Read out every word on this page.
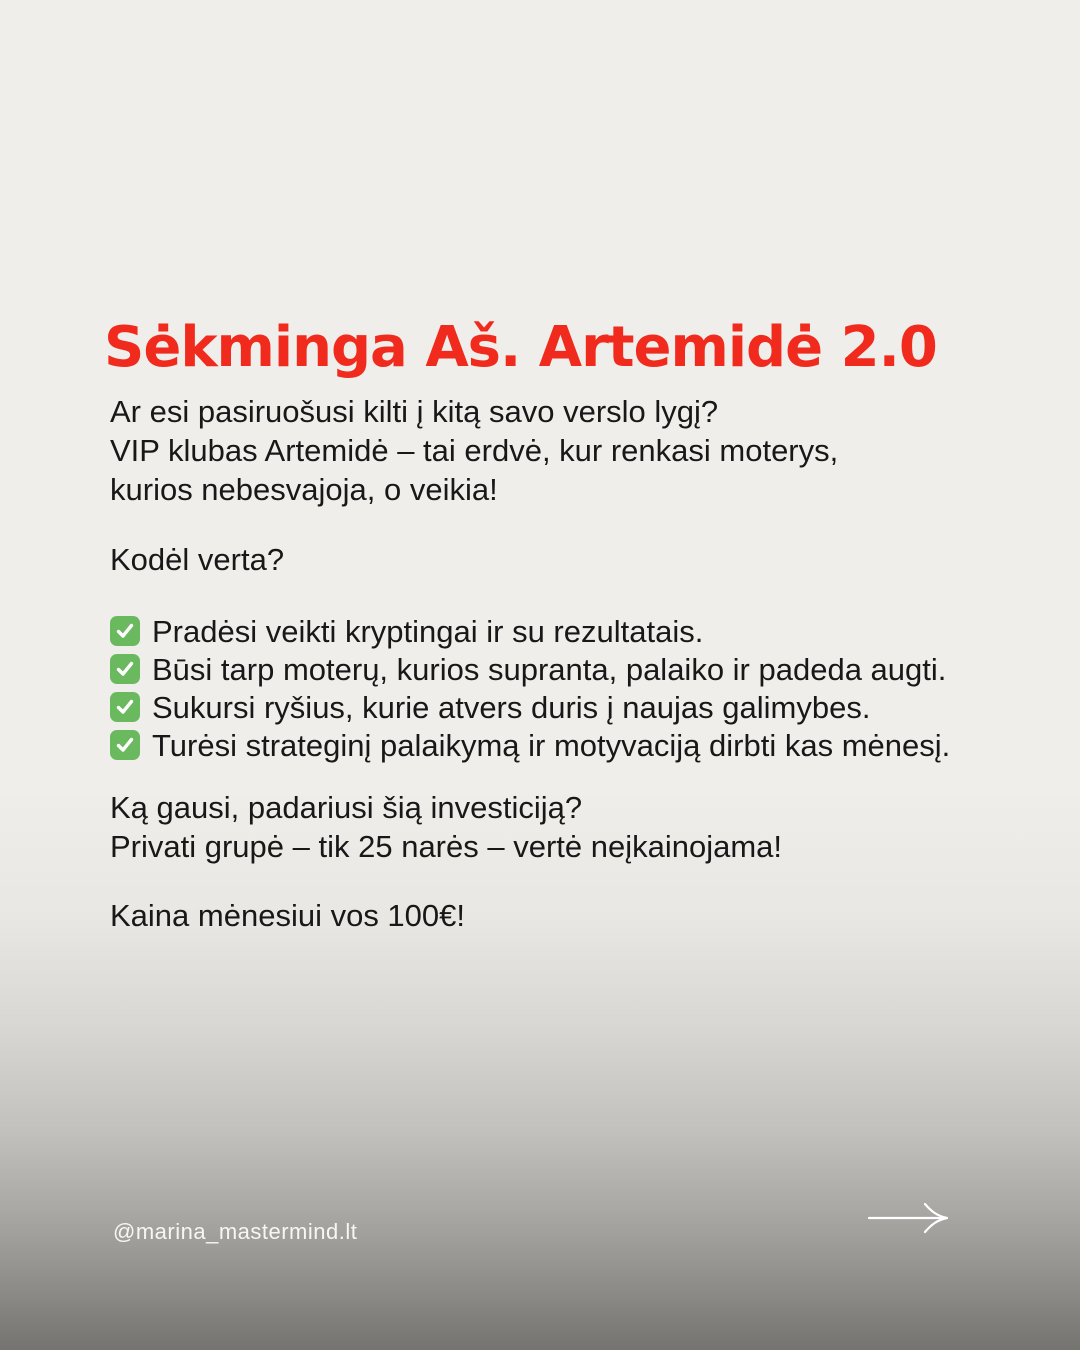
Sėkminga Aš. Artemidė 2.0
Ar esi pasiruošusi kilti į kitą savo verslo lygį?
VIP klubas Artemidė – tai erdvė, kur renkasi moterys,
kurios nebesvajoja, o veikia!
Kodėl verta?
Pradėsi veikti kryptingai ir su rezultatais.
Būsi tarp moterų, kurios supranta, palaiko ir padeda augti.
Sukursi ryšius, kurie atvers duris į naujas galimybes.
Turėsi strateginį palaikymą ir motyvaciją dirbti kas mėnesį.
Ką gausi, padariusi šią investiciją?
Privati grupė – tik 25 narės – vertė neįkainojama!
Kaina mėnesiui vos 100€!
@marina_mastermind.lt
